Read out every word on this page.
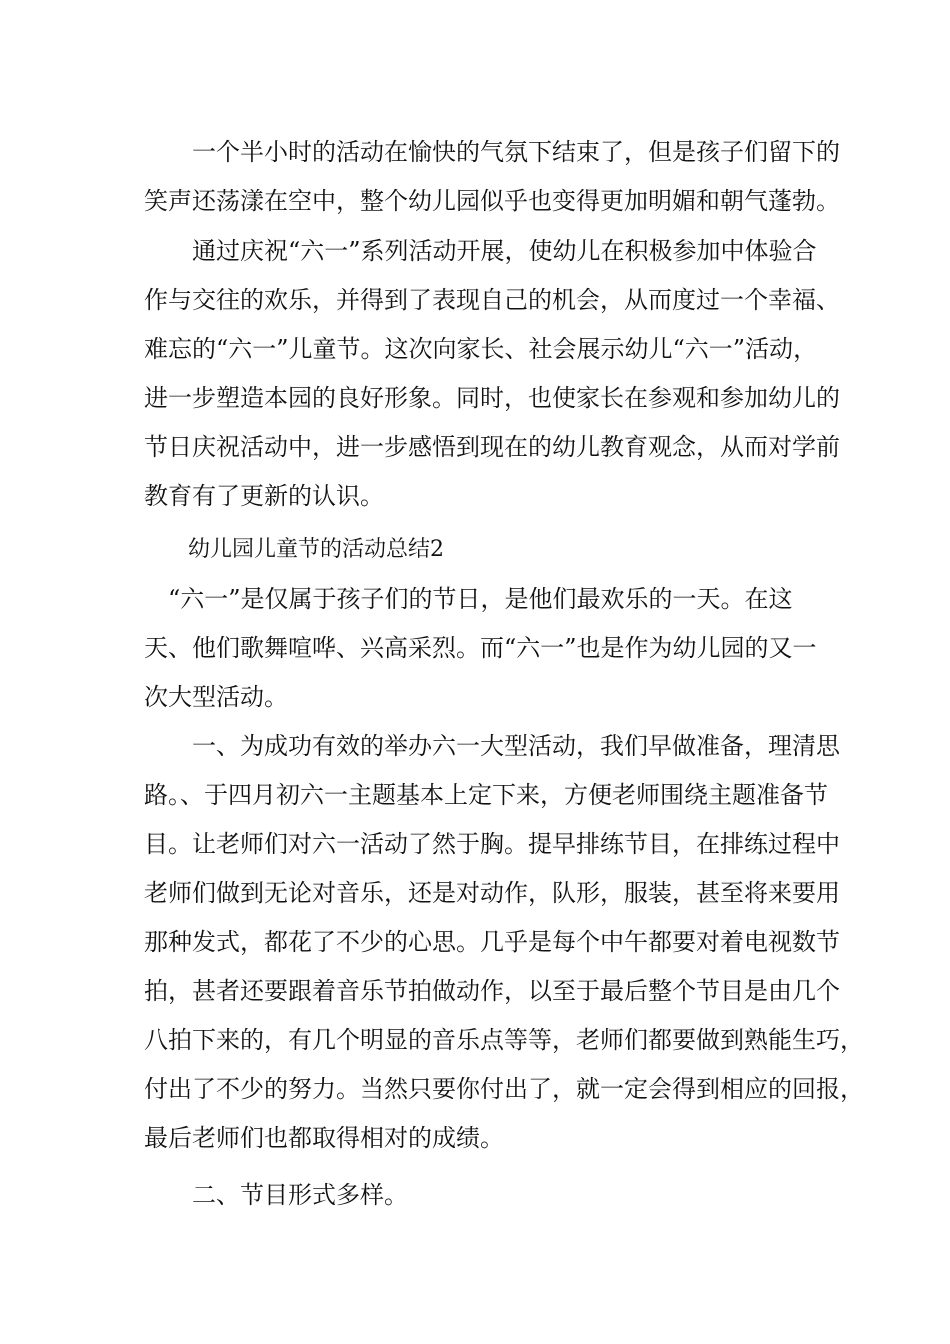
　　一个半小时的活动在愉快的气氛下结束了，但是孩子们留下的
笑声还荡漾在空中，整个幼儿园似乎也变得更加明媚和朝气蓬勃。
　　通过庆祝“六一”系列活动开展，使幼儿在积极参加中体验合
作与交往的欢乐，并得到了表现自己的机会，从而度过一个幸福、
难忘的“六一”儿童节。这次向家长、社会展示幼儿“六一”活动，
进一步塑造本园的良好形象。同时，也使家长在参观和参加幼儿的
节日庆祝活动中，进一步感悟到现在的幼儿教育观念，从而对学前
教育有了更新的认识。
　　幼儿园儿童节的活动总结2
　“六一”是仅属于孩子们的节日，是他们最欢乐的一天。在这
天、他们歌舞喧哗、兴高采烈。而“六一”也是作为幼儿园的又一
次大型活动。
　　一、为成功有效的举办六一大型活动，我们早做准备，理清思
路。、于四月初六一主题基本上定下来，方便老师围绕主题准备节
目。让老师们对六一活动了然于胸。提早排练节目，在排练过程中
老师们做到无论对音乐，还是对动作，队形，服装，甚至将来要用
那种发式，都花了不少的心思。几乎是每个中午都要对着电视数节
拍，甚者还要跟着音乐节拍做动作，以至于最后整个节目是由几个
八拍下来的，有几个明显的音乐点等等，老师们都要做到熟能生巧，
付出了不少的努力。当然只要你付出了，就一定会得到相应的回报，
最后老师们也都取得相对的成绩。
　　二、节目形式多样。
